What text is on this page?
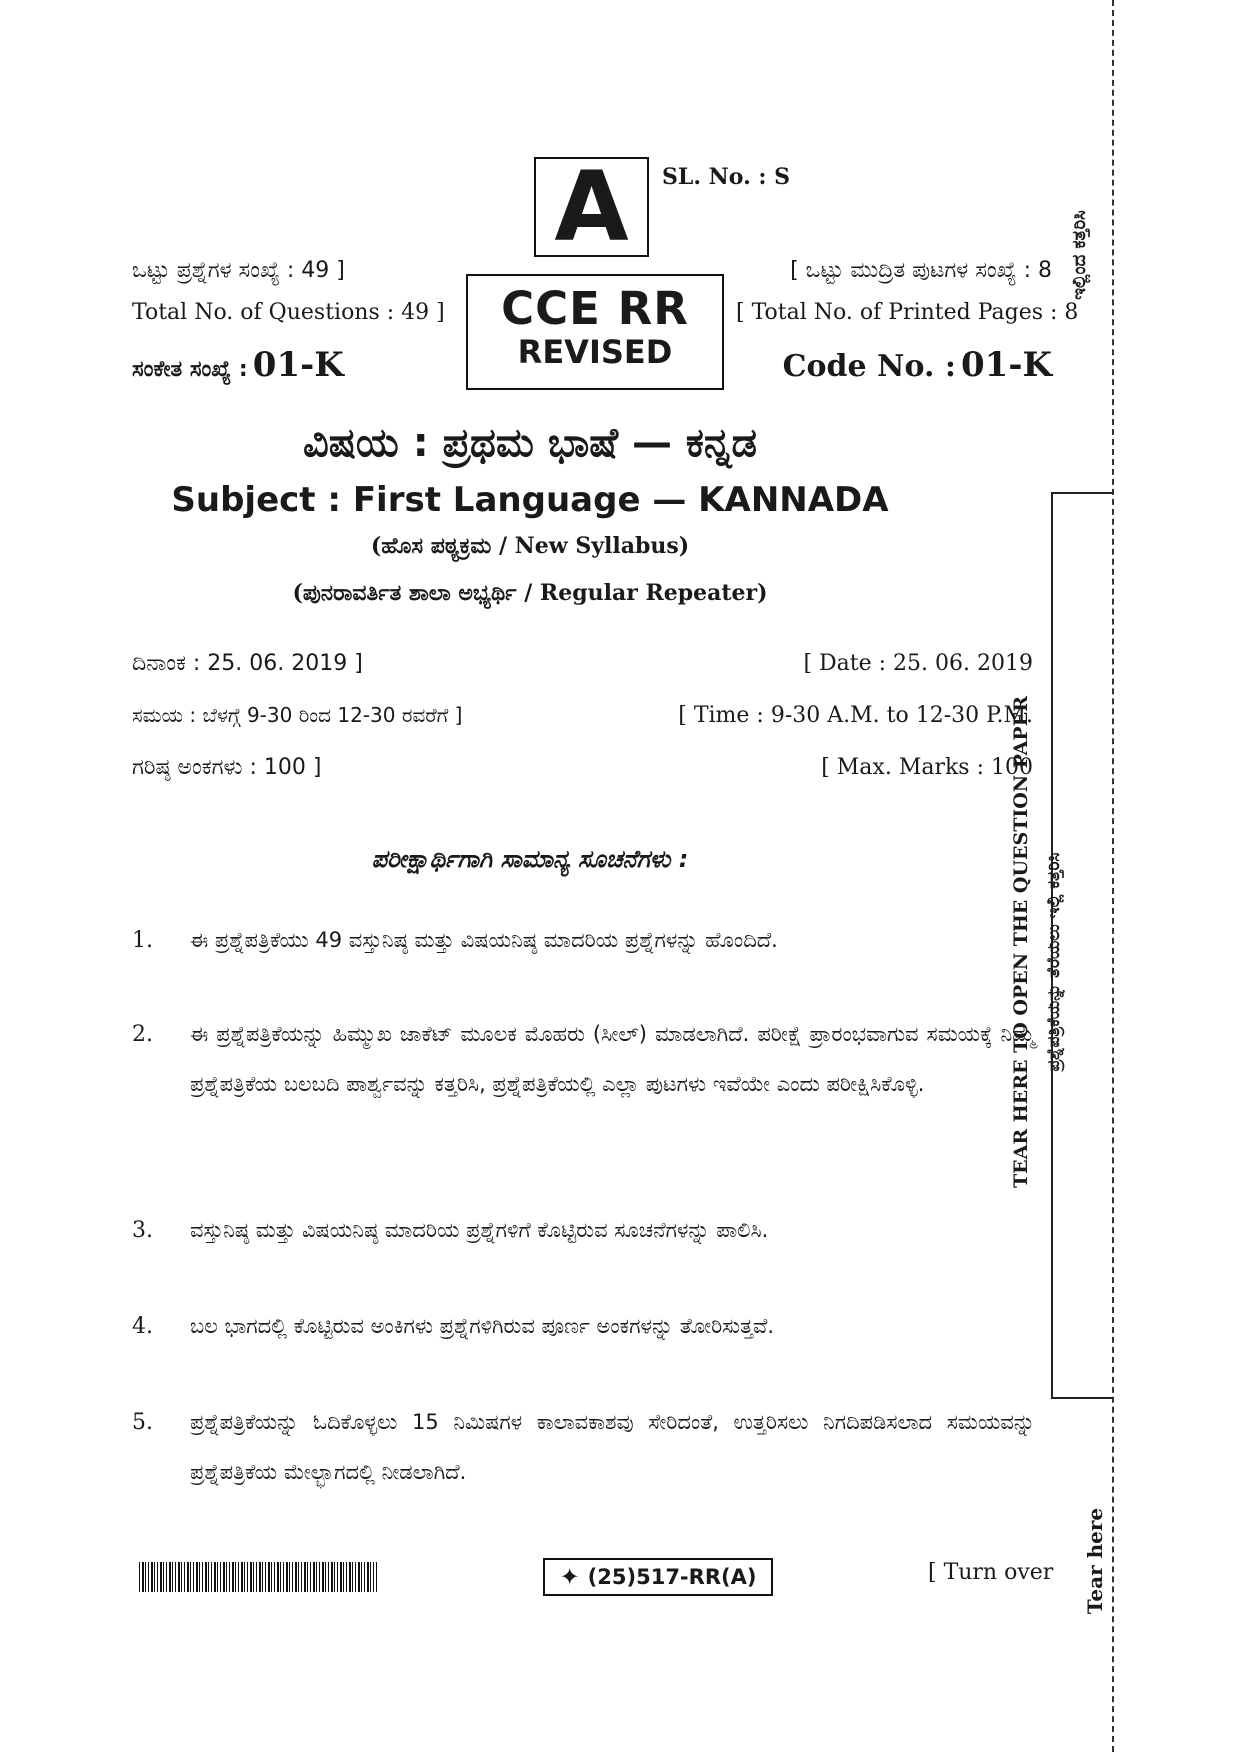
ಇಲ್ಲಿಂದ ಕತ್ತರಿಸಿ
TEAR HERE TO OPEN THE QUESTION PAPER ಪ್ರಶ್ನೆಪತ್ರಿಕೆಯನ್ನು ತೆರೆಯಲು ಇಲ್ಲಿ ಕತ್ತರಿಸಿ
Tear here
A	SL. No. : S
ಒಟ್ಟು ಪ್ರಶ್ನೆಗಳ ಸಂಖ್ಯೆ : 49 ]
Total No. of Questions : 49 ]
ಸಂಕೇತ ಸಂಖ್ಯೆ : 01-K
CCE RR
REVISED
[ ಒಟ್ಟು ಮುದ್ರಿತ ಪುಟಗಳ ಸಂಖ್ಯೆ : 8
[ Total No. of Printed Pages : 8
Code No. : 01-K
ವಿಷಯ : ಪ್ರಥಮ ಭಾಷೆ — ಕನ್ನಡ
Subject : First Language — KANNADA
(ಹೊಸ ಪಠ್ಯಕ್ರಮ / New Syllabus)
(ಪುನರಾವರ್ತಿತ ಶಾಲಾ ಅಭ್ಯರ್ಥಿ / Regular Repeater)
ದಿನಾಂಕ : 25. 06. 2019 ]	[ Date : 25. 06. 2019
ಸಮಯ : ಬೆಳಗ್ಗೆ 9-30 ರಿಂದ 12-30 ರವರೆಗೆ ]	[ Time : 9-30 A.M. to 12-30 P.M.
ಗರಿಷ್ಠ ಅಂಕಗಳು : 100 ]	[ Max. Marks : 100
ಪರೀಕ್ಷಾರ್ಥಿಗಾಗಿ ಸಾಮಾನ್ಯ ಸೂಚನೆಗಳು :
1. ಈ ಪ್ರಶ್ನೆಪತ್ರಿಕೆಯು 49 ವಸ್ತುನಿಷ್ಠ ಮತ್ತು ವಿಷಯನಿಷ್ಠ ಮಾದರಿಯ ಪ್ರಶ್ನೆಗಳನ್ನು ಹೊಂದಿದೆ.
2. ಈ ಪ್ರಶ್ನೆಪತ್ರಿಕೆಯನ್ನು ಹಿಮ್ಮುಖ ಜಾಕೆಟ್ ಮೂಲಕ ಮೊಹರು (ಸೀಲ್) ಮಾಡಲಾಗಿದೆ. ಪರೀಕ್ಷೆ ಪ್ರಾರಂಭವಾಗುವ ಸಮಯಕ್ಕೆ ನಿಮ್ಮ ಪ್ರಶ್ನೆಪತ್ರಿಕೆಯ ಬಲಬದಿ ಪಾರ್ಶ್ವವನ್ನು ಕತ್ತರಿಸಿ, ಪ್ರಶ್ನೆಪತ್ರಿಕೆಯಲ್ಲಿ ಎಲ್ಲಾ ಪುಟಗಳು ಇವೆಯೇ ಎಂದು ಪರೀಕ್ಷಿಸಿಕೊಳ್ಳಿ.
3. ವಸ್ತುನಿಷ್ಠ ಮತ್ತು ವಿಷಯನಿಷ್ಠ ಮಾದರಿಯ ಪ್ರಶ್ನೆಗಳಿಗೆ ಕೊಟ್ಟಿರುವ ಸೂಚನೆಗಳನ್ನು ಪಾಲಿಸಿ.
4. ಬಲ ಭಾಗದಲ್ಲಿ ಕೊಟ್ಟಿರುವ ಅಂಕಿಗಳು ಪ್ರಶ್ನೆಗಳಿಗಿರುವ ಪೂರ್ಣ ಅಂಕಗಳನ್ನು ತೋರಿಸುತ್ತವೆ.
5. ಪ್ರಶ್ನೆಪತ್ರಿಕೆಯನ್ನು ಓದಿಕೊಳ್ಳಲು 15 ನಿಮಿಷಗಳ ಕಾಲಾವಕಾಶವು ಸೇರಿದಂತೆ, ಉತ್ತರಿಸಲು ನಿಗದಿಪಡಿಸಲಾದ ಸಮಯವನ್ನು ಪ್ರಶ್ನೆಪತ್ರಿಕೆಯ ಮೇಲ್ಭಾಗದಲ್ಲಿ ನೀಡಲಾಗಿದೆ.
✦ (25)517-RR(A)	[ Turn over
